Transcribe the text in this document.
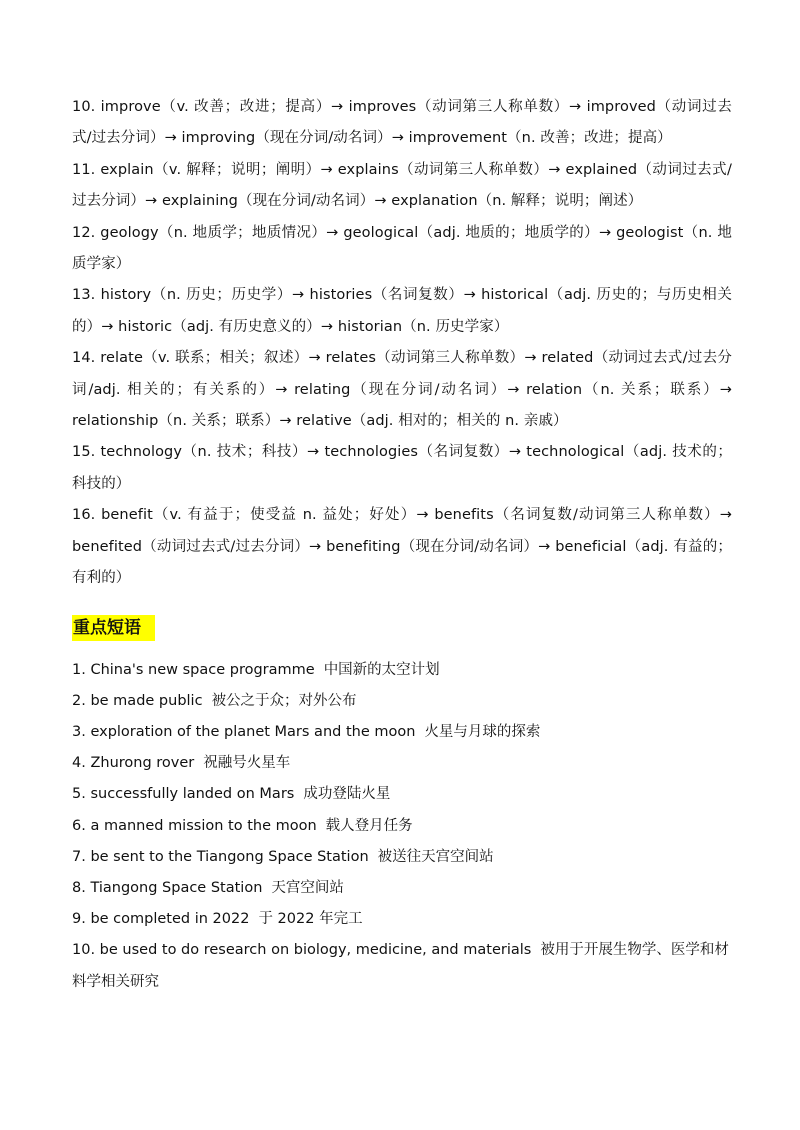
10. improve（v. 改善；改进；提高）→ improves（动词第三人称单数）→ improved（动词过去式/过去分词）→ improving（现在分词/动名词）→ improvement（n. 改善；改进；提高）

11. explain（v. 解释；说明；阐明）→ explains（动词第三人称单数）→ explained（动词过去式/过去分词）→ explaining（现在分词/动名词）→ explanation（n. 解释；说明；阐述）

12. geology（n. 地质学；地质情况）→ geological（adj. 地质的；地质学的）→ geologist（n. 地质学家）

13. history（n. 历史；历史学）→ histories（名词复数）→ historical（adj. 历史的；与历史相关的）→ historic（adj. 有历史意义的）→ historian（n. 历史学家）

14. relate（v. 联系；相关；叙述）→ relates（动词第三人称单数）→ related（动词过去式/过去分词/adj. 相关的；有关系的）→ relating（现在分词/动名词）→ relation（n. 关系；联系）→ relationship（n. 关系；联系）→ relative（adj. 相对的；相关的 n. 亲戚）

15. technology（n. 技术；科技）→ technologies（名词复数）→ technological（adj. 技术的；科技的）

16. benefit（v. 有益于；使受益 n. 益处；好处）→ benefits（名词复数/动词第三人称单数）→ benefited（动词过去式/过去分词）→ benefiting（现在分词/动名词）→ beneficial（adj. 有益的；有利的）

重点短语

1. China's new space programme 中国新的太空计划

2. be made public 被公之于众；对外公布

3. exploration of the planet Mars and the moon 火星与月球的探索

4. Zhurong rover 祝融号火星车

5. successfully landed on Mars 成功登陆火星

6. a manned mission to the moon 载人登月任务

7. be sent to the Tiangong Space Station 被送往天宫空间站

8. Tiangong Space Station 天宫空间站

9. be completed in 2022 于 2022 年完工

10. be used to do research on biology, medicine, and materials 被用于开展生物学、医学和材料学相关研究
